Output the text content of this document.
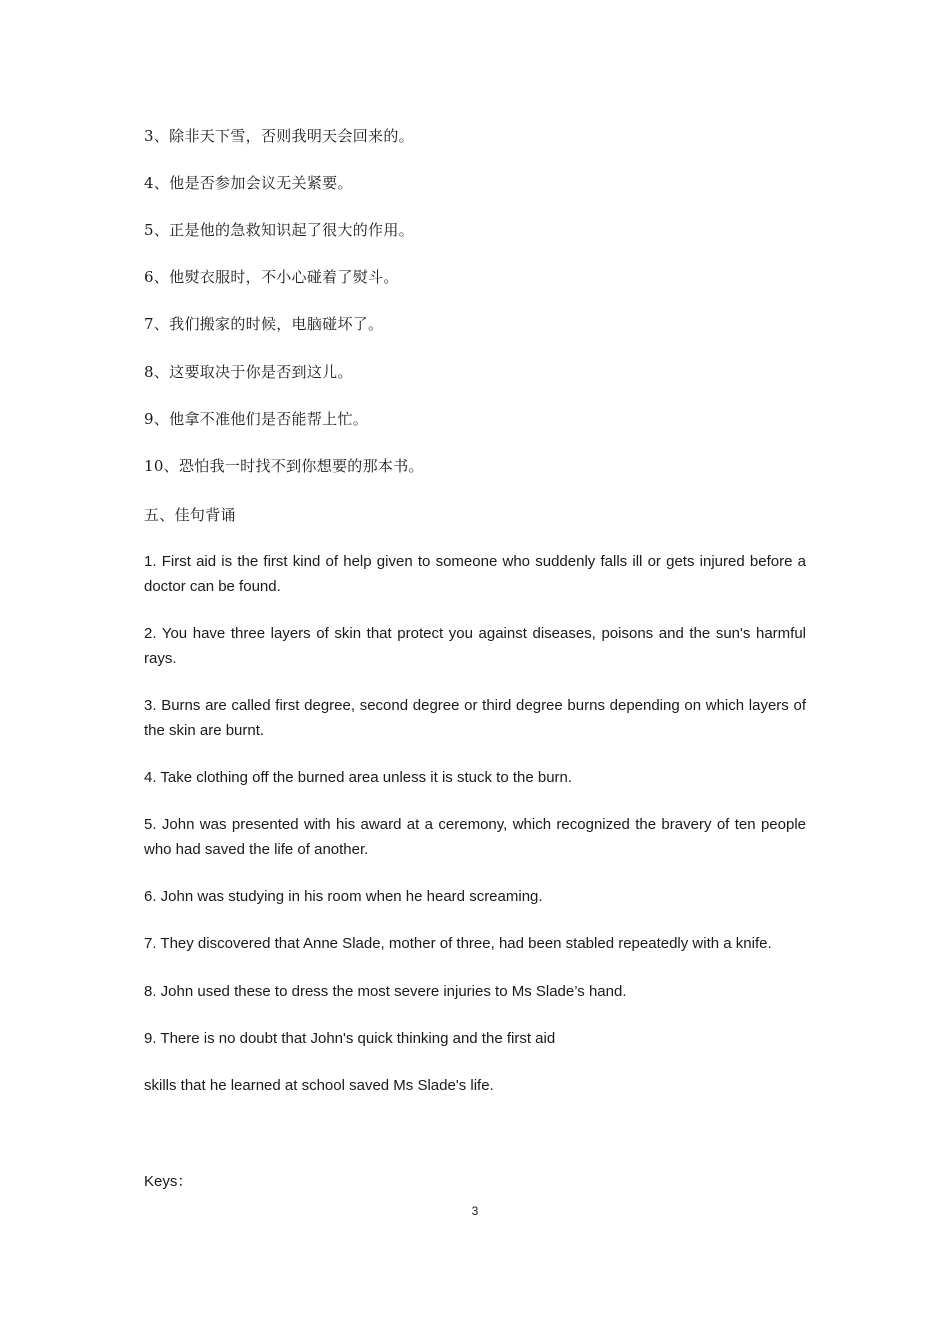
3、除非天下雪，否则我明天会回来的。

4、他是否参加会议无关紧要。

5、正是他的急救知识起了很大的作用。

6、他熨衣服时，不小心碰着了熨斗。

7、我们搬家的时候，电脑碰坏了。

8、这要取决于你是否到这儿。

9、他拿不准他们是否能帮上忙。

10、恐怕我一时找不到你想要的那本书。

五、佳句背诵

1. First aid is the first kind of help given to someone who suddenly falls ill or gets injured before a doctor can be found.

2. You have three layers of skin that protect you against diseases, poisons and the sun's harmful rays.

3. Burns are called first degree, second degree or third degree burns depending on which layers of the skin are burnt.

4. Take clothing off the burned area unless it is stuck to the burn.

5. John was presented with his award at a ceremony, which recognized the bravery of ten people who had saved the life of another.

6. John was studying in his room when he heard screaming.

7. They discovered that Anne Slade, mother of three, had been stabled repeatedly with a knife.

8. John used these to dress the most severe injuries to Ms Slade’s hand.

9. There is no doubt that John's quick thinking and the first aid

skills that he learned at school saved Ms Slade's life.

Keys：

3
